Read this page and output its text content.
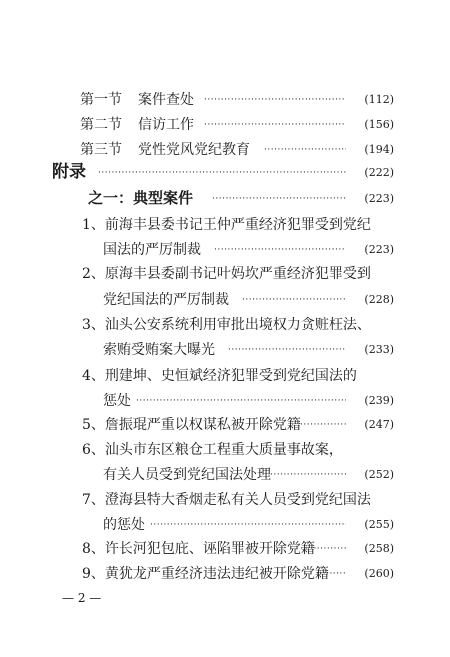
第一节 案件查处 ·····	(112)
第二节 信访工作 ·····	(156)
第三节 党性党风党纪教育 ·····	(194)
附录 ·····	(222)
之一：典型案件 ·····	(223)
1、前海丰县委书记王仲严重经济犯罪受到党纪
国法的严厉制裁 ·····	(223)
2、原海丰县委副书记叶妈坎严重经济犯罪受到
党纪国法的严厉制裁 ·····	(228)
3、汕头公安系统利用审批出境权力贪赃枉法、
索贿受贿案大曝光 ·····	(233)
4、刑建坤、史恒斌经济犯罪受到党纪国法的
惩处 ·····	(239)
5、詹振琨严重以权谋私被开除党籍 ·····	(247)
6、汕头市东区粮仓工程重大质量事故案，
有关人员受到党纪国法处理 ·····	(252)
7、澄海县特大香烟走私有关人员受到党纪国法
的惩处 ·····	(255)
8、许长河犯包庇、诬陷罪被开除党籍 ·····	(258)
9、黄犹龙严重经济违法违纪被开除党籍 ·····	(260)
— 2 —
